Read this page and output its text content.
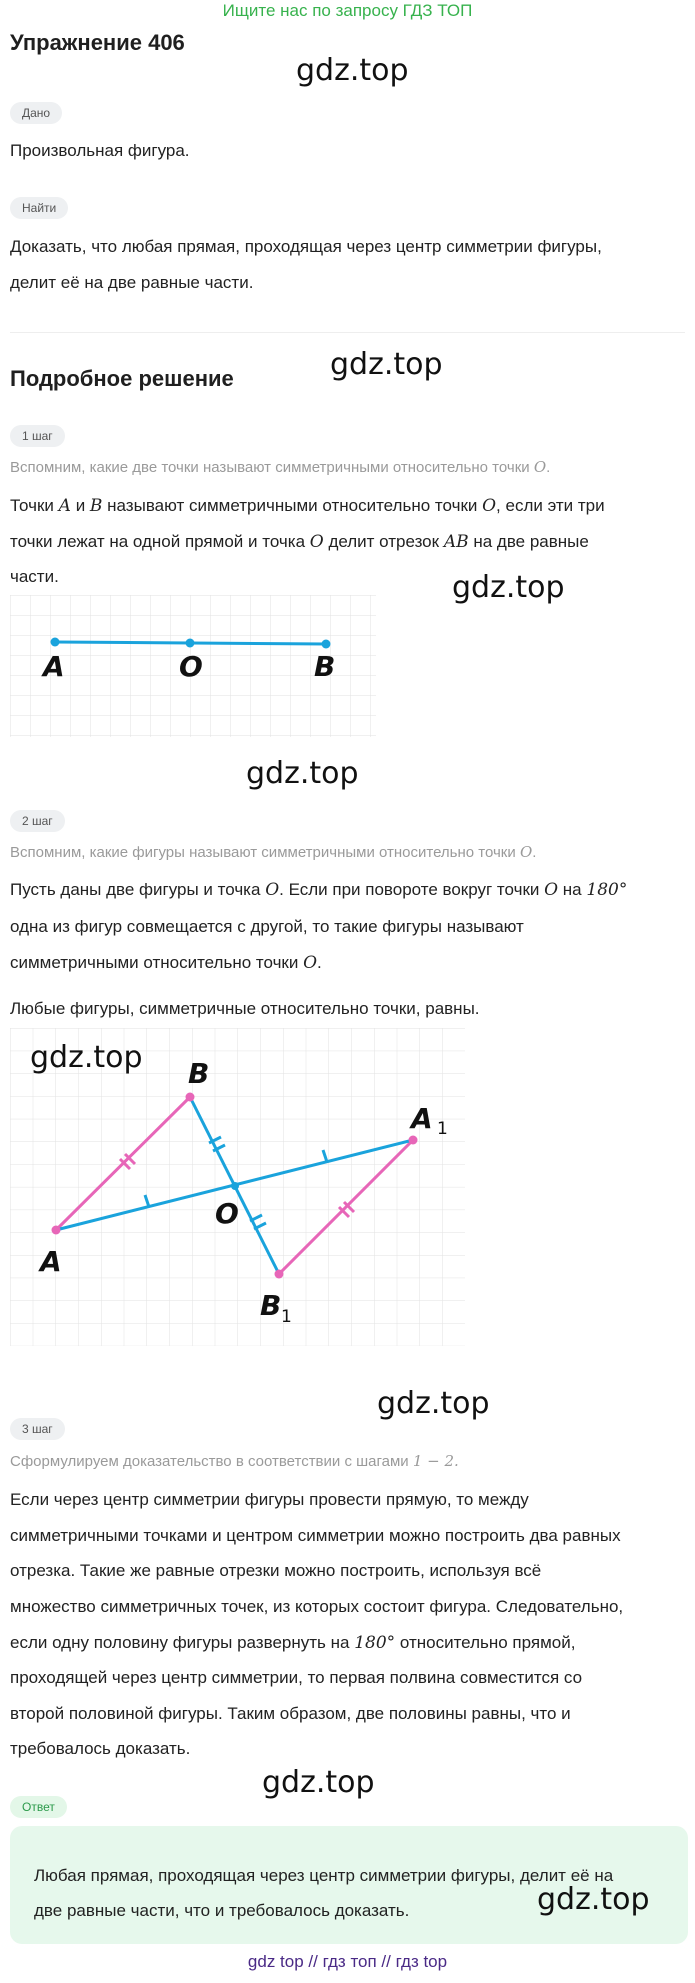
Ищите нас по запросу ГДЗ ТОП
Упражнение 406
gdz.top
Дано
Произвольная фигура.
Найти
Доказать, что любая прямая, проходящая через центр симметрии фигуры,
делит её на две равные части.
Подробное решение	gdz.top
1 шаг
Вспомним, какие две точки называют симметричными относительно точки O.
Точки A и B называют симметричными относительно точки O, если эти три
точки лежат на одной прямой и точка O делит отрезок AB на две равные
части.	gdz.top
A	O	B
gdz.top
2 шаг
Вспомним, какие фигуры называют симметричными относительно точки O.
Пусть даны две фигуры и точка O. Если при повороте вокруг точки O на 180°
одна из фигур совмещается с другой, то такие фигуры называют
симметричными относительно точки O.
Любые фигуры, симметричные относительно точки, равны.
B
A
O
A 1
B 1
gdz.top
gdz.top
3 шаг
Сформулируем доказательство в соответствии с шагами 1 − 2.
Если через центр симметрии фигуры провести прямую, то между
симметричными точками и центром симметрии можно построить два равных
отрезка. Такие же равные отрезки можно построить, используя всё
множество симметричных точек, из которых состоит фигура. Следовательно,
если одну половину фигуры развернуть на 180° относительно прямой,
проходящей через центр симметрии, то первая полвина совместится со
второй половиной фигуры. Таким образом, две половины равны, что и
требовалось доказать.
gdz.top
Ответ
Любая прямая, проходящая через центр симметрии фигуры, делит её на
две равные части, что и требовалось доказать.	gdz.top
gdz top // гдз топ // гдз top
